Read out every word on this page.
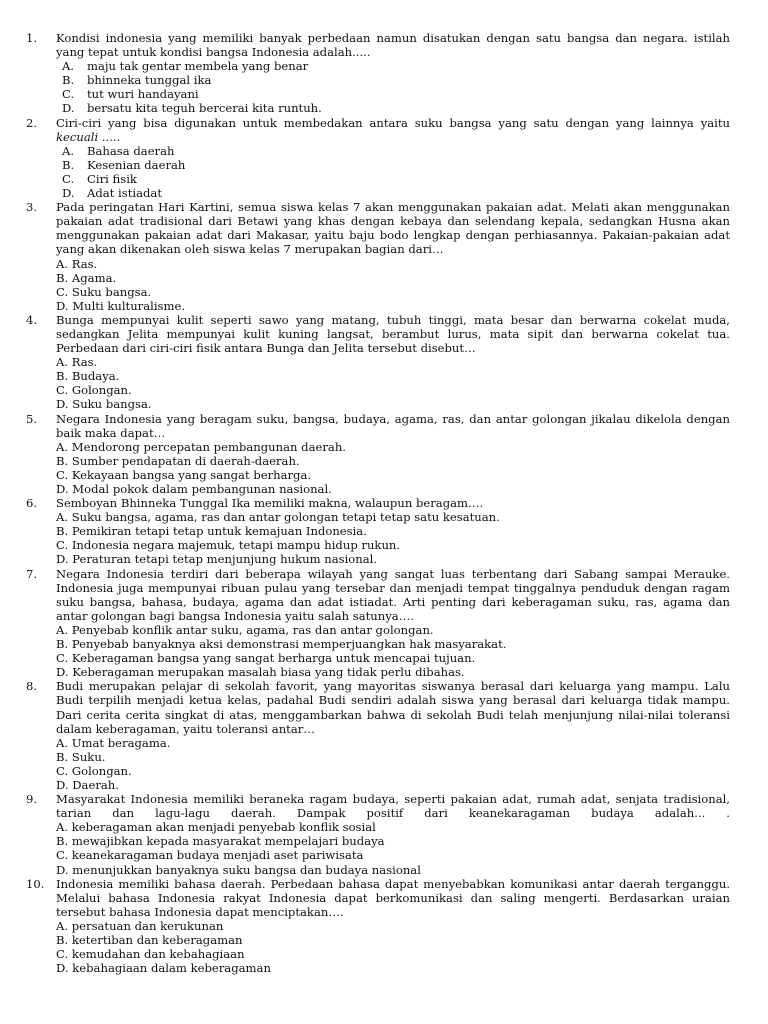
1.	Kondisi indonesia yang memiliki banyak perbedaan namun disatukan dengan satu bangsa dan negara. istilah yang tepat untuk kondisi bangsa Indonesia adalah.....
A. maju tak gentar membela yang benar
B. bhinneka tunggal ika
C. tut wuri handayani
D. bersatu kita teguh bercerai kita runtuh.
2.	Ciri-ciri yang bisa digunakan untuk membedakan antara suku bangsa yang satu dengan yang lainnya yaitu kecuali .....
A. Bahasa daerah
B. Kesenian daerah
C. Ciri fisik
D. Adat istiadat
3.	Pada peringatan Hari Kartini, semua siswa kelas 7 akan menggunakan pakaian adat. Melati akan menggunakan pakaian adat tradisional dari Betawi yang khas dengan kebaya dan selendang kepala, sedangkan Husna akan menggunakan pakaian adat dari Makasar, yaitu baju bodo lengkap dengan perhiasannya. Pakaian-pakaian adat yang akan dikenakan oleh siswa kelas 7 merupakan bagian dari…
A. Ras.
B. Agama.
C. Suku bangsa.
D. Multi kulturalisme.
4.	Bunga mempunyai kulit seperti sawo yang matang, tubuh tinggi, mata besar dan berwarna cokelat muda, sedangkan Jelita mempunyai kulit kuning langsat, berambut lurus, mata sipit dan berwarna cokelat tua. Perbedaan dari ciri-ciri fisik antara Bunga dan Jelita tersebut disebut…
A. Ras.
B. Budaya.
C. Golongan.
D. Suku bangsa.
5.	Negara Indonesia yang beragam suku, bangsa, budaya, agama, ras, dan antar golongan jikalau dikelola dengan baik maka dapat…
A. Mendorong percepatan pembangunan daerah.
B. Sumber pendapatan di daerah-daerah.
C. Kekayaan bangsa yang sangat berharga.
D. Modal pokok dalam pembangunan nasional.
6.	Semboyan Bhinneka Tunggal Ika memiliki makna, walaupun beragam….
A. Suku bangsa, agama, ras dan antar golongan tetapi tetap satu kesatuan.
B. Pemikiran tetapi tetap untuk kemajuan Indonesia.
C. Indonesia negara majemuk, tetapi mampu hidup rukun.
D. Peraturan tetapi tetap menjunjung hukum nasional.
7.	Negara Indonesia terdiri dari beberapa wilayah yang sangat luas terbentang dari Sabang sampai Merauke. Indonesia juga mempunyai ribuan pulau yang tersebar dan menjadi tempat tinggalnya penduduk dengan ragam suku bangsa, bahasa, budaya, agama dan adat istiadat. Arti penting dari keberagaman suku, ras, agama dan antar golongan bagi bangsa Indonesia yaitu salah satunya….
A. Penyebab konflik antar suku, agama, ras dan antar golongan.
B. Penyebab banyaknya aksi demonstrasi memperjuangkan hak masyarakat.
C. Keberagaman bangsa yang sangat berharga untuk mencapai tujuan.
D. Keberagaman merupakan masalah biasa yang tidak perlu dibahas.
8.	Budi merupakan pelajar di sekolah favorit, yang mayoritas siswanya berasal dari keluarga yang mampu. Lalu Budi terpilih menjadi ketua kelas, padahal Budi sendiri adalah siswa yang berasal dari keluarga tidak mampu. Dari cerita cerita singkat di atas, menggambarkan bahwa di sekolah Budi telah menjunjung nilai-nilai toleransi dalam keberagaman, yaitu toleransi antar…
A. Umat beragama.
B. Suku.
C. Golongan.
D. Daerah.
9.	Masyarakat Indonesia memiliki beraneka ragam budaya, seperti pakaian adat, rumah adat, senjata tradisional, tarian dan lagu-lagu daerah. Dampak positif dari keanekaragaman budaya adalah... .
A. keberagaman akan menjadi penyebab konflik sosial
B. mewajibkan kepada masyarakat mempelajari budaya
C. keanekaragaman budaya menjadi aset pariwisata
D. menunjukkan banyaknya suku bangsa dan budaya nasional
10. Indonesia memiliki bahasa daerah. Perbedaan bahasa dapat menyebabkan komunikasi antar daerah terganggu. Melalui bahasa Indonesia rakyat Indonesia dapat berkomunikasi dan saling mengerti. Berdasarkan uraian tersebut bahasa Indonesia dapat menciptakan….
A. persatuan dan kerukunan
B. ketertiban dan keberagaman
C. kemudahan dan kebahagiaan
D. kebahagiaan dalam keberagaman
